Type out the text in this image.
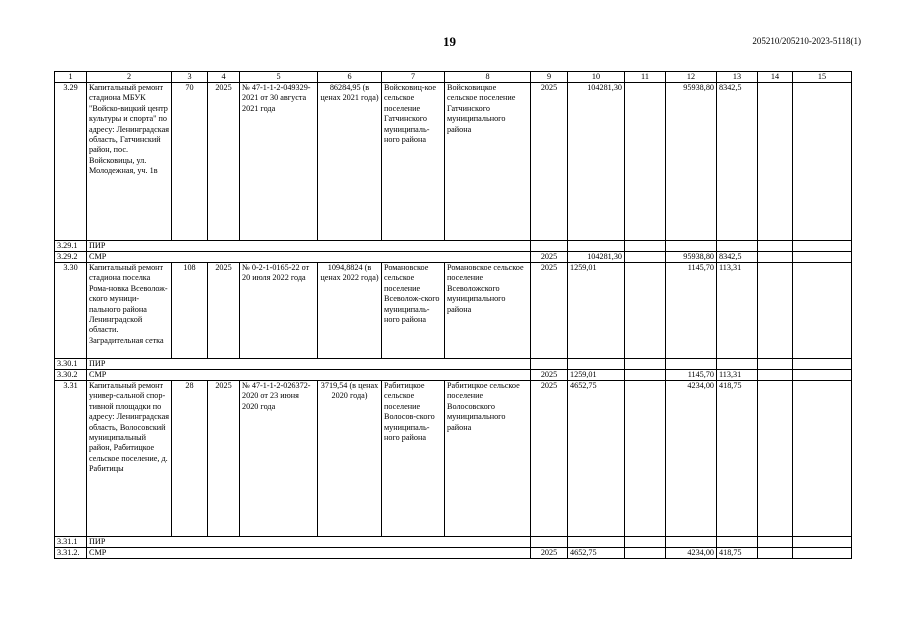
19	205210/205210-2023-5118(1)
1	2	3	4	5	6	7	8	9	10	11	12	13	14	15
3.29	Капитальный ремонт стадиона МБУК "Войско-вицкий центр культуры и спорта" по адресу: Ленинградская область, Гатчинский район, пос. Войсковицы, ул. Молодежная, уч. 1в	70	2025	№ 47-1-1-2-049329-2021 от 30 августа 2021 года	86284,95 (в ценах 2021 года)	Войсковиц-кое сельское поселение Гатчинского муниципаль-ного района	Войсковицкое сельское поселение Гатчинского муниципального района	2025	104281,30		95938,80	8342,5		
3.29.1	ПИР													
3.29.2	СМР							2025	104281,30		95938,80	8342,5		
3.30	Капитальный ремонт стадиона поселка Рома-новка Всеволож-ского муници-пального района Ленинградской области. Заградительная сетка	108	2025	№ 0-2-1-0165-22 от 20 июля 2022 года	1094,8824 (в ценах 2022 года)	Романовское сельское поселение Всеволож-ского муниципаль-ного района	Романовское сельское поселение Всеволожского муниципального района	2025	1259,01		1145,70	113,31		
3.30.1	ПИР													
3.30.2	СМР							2025	1259,01		1145,70	113,31		
3.31	Капитальный ремонт универ-сальной спор-тивной площадки по адресу: Ленинградская область, Волосовский муниципальный район, Рабитицкое сельское поселение, д. Рабитицы	28	2025	№ 47-1-1-2-026372-2020 от 23 июня 2020 года	3719,54 (в ценах 2020 года)	Рабитицкое сельское поселение Волосов-ского муниципаль-ного района	Рабитицкое сельское поселение Волосовского муниципального района	2025	4652,75		4234,00	418,75		
3.31.1	ПИР													
3.31.2.	СМР							2025	4652,75		4234,00	418,75		
